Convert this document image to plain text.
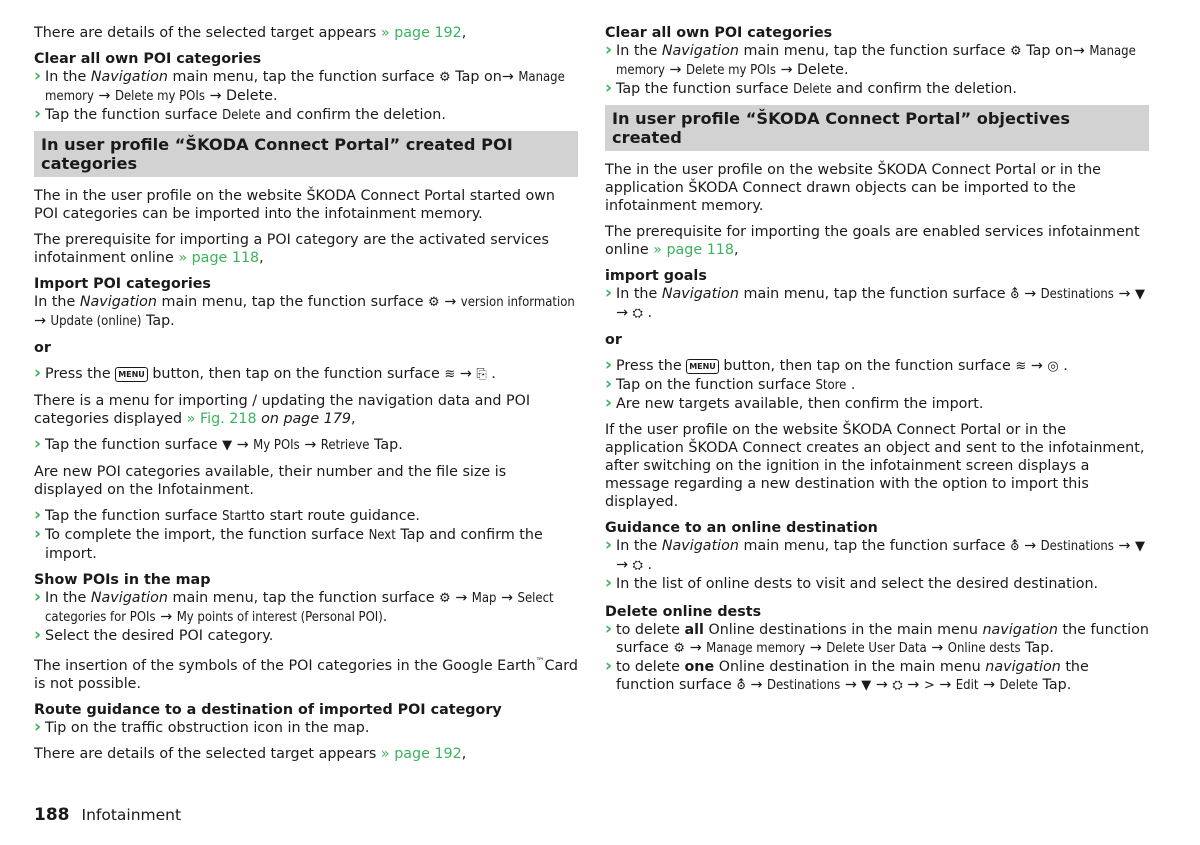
There are details of the selected target appears » page 192,

Clear all own POI categories
› In the Navigation main menu, tap the function surface ⚙ Tap on→ Manage
memory → Delete my POIs → Delete.
› Tap the function surface Delete and confirm the deletion.
In user profile “ŠKODA Connect Portal” created POI categories

The in the user profile on the website ŠKODA Connect Portal started own POI categories can be imported into the infotainment memory.

The prerequisite for importing a POI category are the activated services infotainment online » page 118,

Import POI categories
In the Navigation main menu, tap the function surface ⚙ → version information

→ Update (online) Tap.

or

› Press the MENU button, then tap on the function surface ≋ → ⎘ .

There is a menu for importing / updating the navigation data and POI categories displayed » Fig. 218 on page 179,

› Tap the function surface ▼ → My POIs → Retrieve Tap.

Are new POI categories available, their number and the file size is displayed on the Infotainment.

› Tap the function surface Startto start route guidance.
› To complete the import, the function surface Next Tap and confirm the import.
Show POIs in the map
› In the Navigation main menu, tap the function surface ⚙ → Map → Select categories for POIs → My points of interest (Personal POI).
› Select the desired POI category.

The insertion of the symbols of the POI categories in the Google Earth™Card is not possible.

Route guidance to a destination of imported POI category
› Tip on the traffic obstruction icon in the map.

There are details of the selected target appears » page 192,

Clear all own POI categories
› In the Navigation main menu, tap the function surface ⚙ Tap on→ Manage
memory → Delete my POIs → Delete.
› Tap the function surface Delete and confirm the deletion.
In user profile “ŠKODA Connect Portal” objectives created

The in the user profile on the website ŠKODA Connect Portal or in the application ŠKODA Connect drawn objects can be imported to the infotainment memory.

The prerequisite for importing the goals are enabled services infotainment online » page 118,

import goals
› In the Navigation main menu, tap the function surface ⛢ → Destinations → ▼
→ ⛭ .

or

› Press the MENU button, then tap on the function surface ≋ → ◎ .
› Tap on the function surface Store .
› Are new targets available, then confirm the import.

If the user profile on the website ŠKODA Connect Portal or in the application ŠKODA Connect creates an object and sent to the infotainment, after switching on the ignition in the infotainment screen displays a message regarding a new destination with the option to import this displayed.

Guidance to an online destination
› In the Navigation main menu, tap the function surface ⛢ → Destinations → ▼
→ ⛭ .
› In the list of online dests to visit and select the desired destination.
Delete online dests
› to delete all Online destinations in the main menu navigation the function surface ⚙ → Manage memory → Delete User Data → Online dests Tap.
› to delete one Online destination in the main menu navigation the function surface ⛢ → Destinations → ▼ → ⛭ → > → Edit → Delete Tap.
188 Infotainment
